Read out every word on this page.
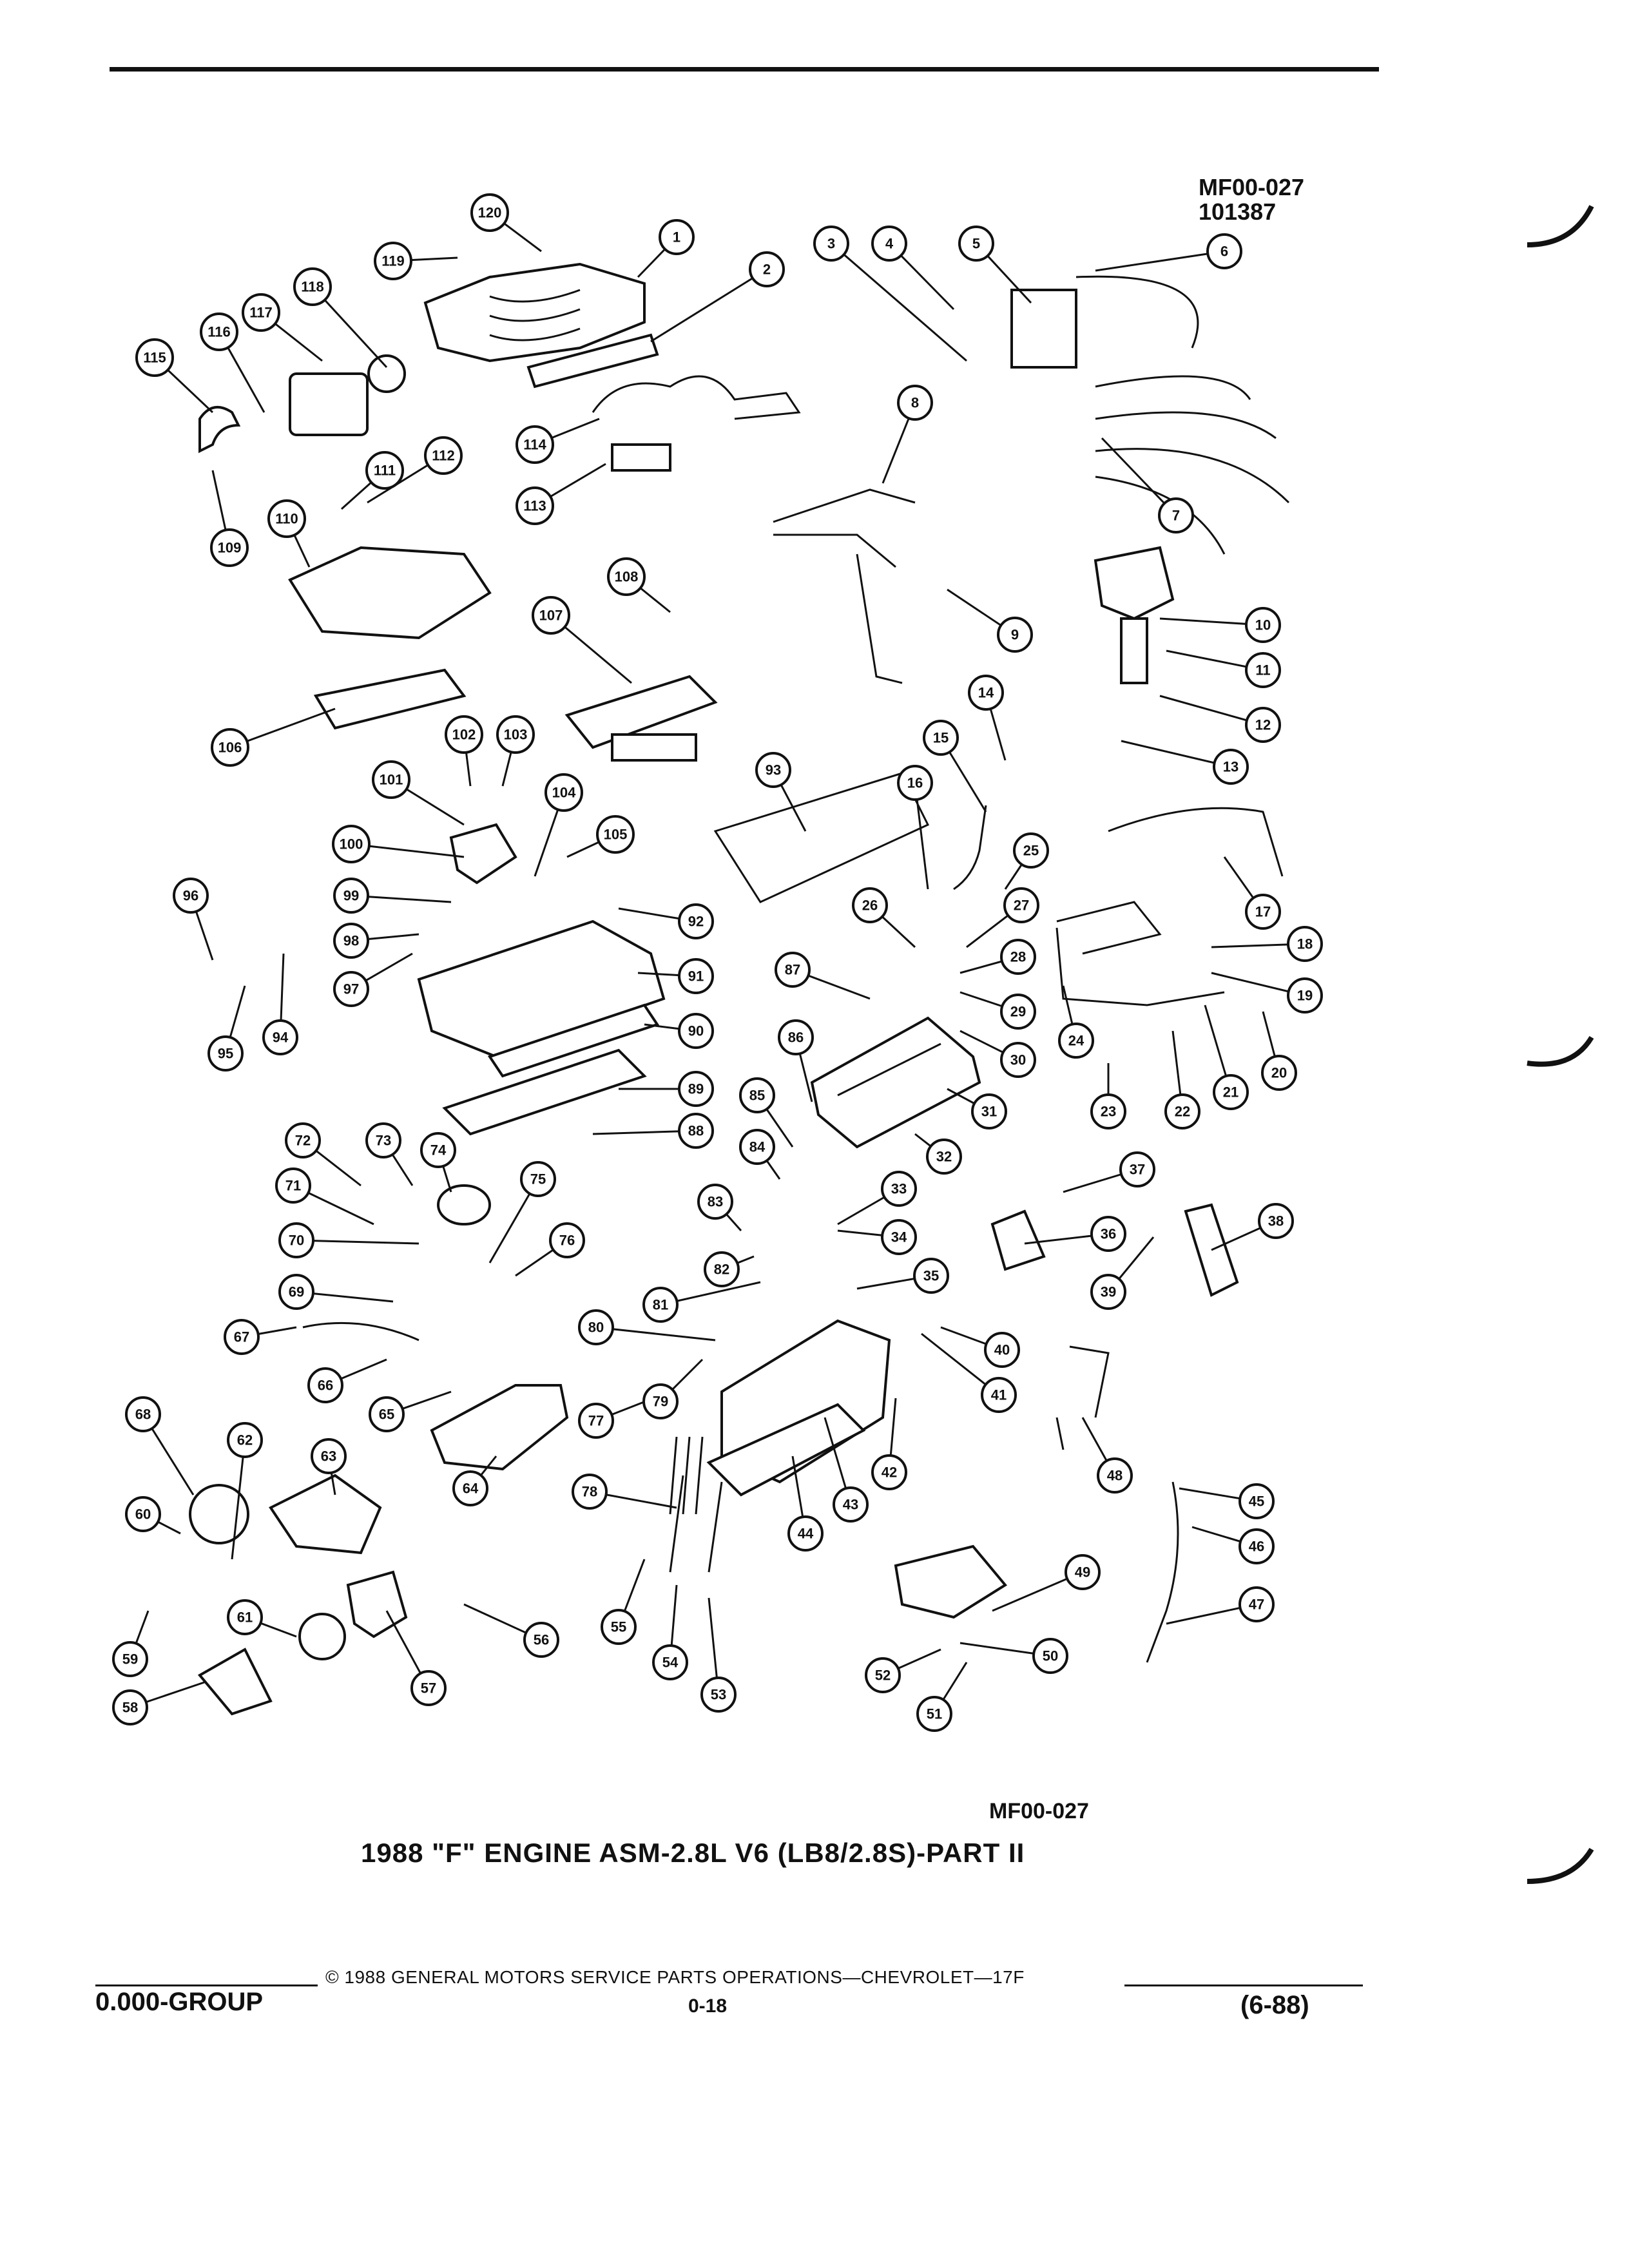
MF00-027
101387
1
2
3	4	5	6
7
8
9
10
11
12
13
14
15
16
17
18
19
20
21
22
23
24
25
26	27
28
29
30
31
32
33
34
35
36
37
38
39
40
41
42
43
44
45
46
47
48
49
50
51
52
53
54
55
56
57
58
59
60
61
62
63
64
65
66
67
68
69
70
71
72	73
74
75
76
77
78
79
80
81
82
83
84
85
86
87
88
89
90
91
92
93
94
95
96
97
98
99
100
101
102 103
104
105
106
107
108
109
110
111
112
113
114
115
116
117
118
119
120
MF00-027
1988 "F" ENGINE ASM-2.8L V6 (LB8/2.8S)-PART II
© 1988 GENERAL MOTORS SERVICE PARTS OPERATIONS—CHEVROLET—17F
0.000-GROUP	0-18	(6-88)
